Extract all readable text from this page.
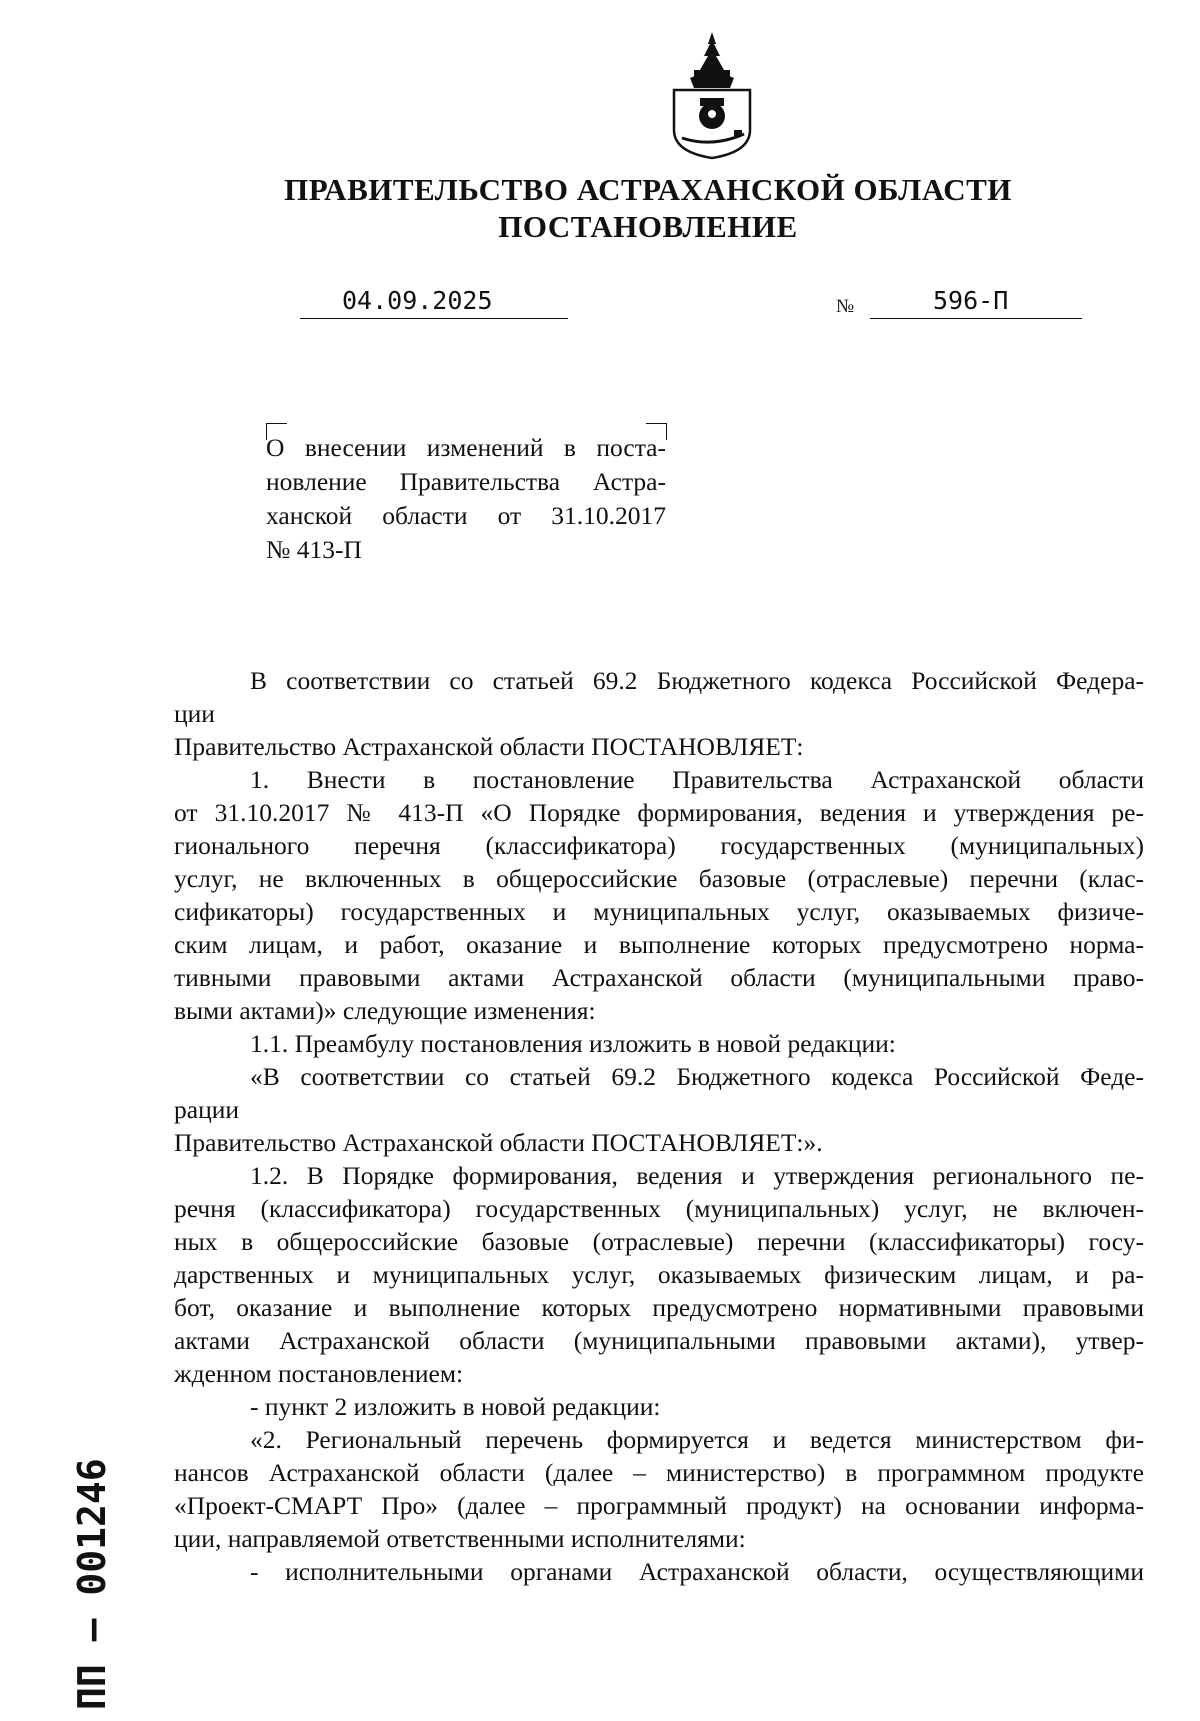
ПРАВИТЕЛЬСТВО АСТРАХАНСКОЙ ОБЛАСТИ
ПОСТАНОВЛЕНИЕ
04.09.2025	№	596-П
О внесении изменений в поста-
новление Правительства Астра-
ханской области от 31.10.2017
№ 413-П
В соответствии со статьей 69.2 Бюджетного кодекса Российской Федера-
ции
Правительство Астраханской области ПОСТАНОВЛЯЕТ:
1. Внести в постановление Правительства Астраханской области
от 31.10.2017 № 413-П «О Порядке формирования, ведения и утверждения ре-
гионального перечня (классификатора) государственных (муниципальных)
услуг, не включенных в общероссийские базовые (отраслевые) перечни (клас-
сификаторы) государственных и муниципальных услуг, оказываемых физиче-
ским лицам, и работ, оказание и выполнение которых предусмотрено норма-
тивными правовыми актами Астраханской области (муниципальными право-
выми актами)» следующие изменения:
1.1. Преамбулу постановления изложить в новой редакции:
«В соответствии со статьей 69.2 Бюджетного кодекса Российской Феде-
рации
Правительство Астраханской области ПОСТАНОВЛЯЕТ:».
1.2. В Порядке формирования, ведения и утверждения регионального пе-
речня (классификатора) государственных (муниципальных) услуг, не включен-
ных в общероссийские базовые (отраслевые) перечни (классификаторы) госу-
дарственных и муниципальных услуг, оказываемых физическим лицам, и ра-
бот, оказание и выполнение которых предусмотрено нормативными правовыми
актами Астраханской области (муниципальными правовыми актами), утвер-
жденном постановлением:
- пункт 2 изложить в новой редакции:
«2. Региональный перечень формируется и ведется министерством фи-
нансов Астраханской области (далее – министерство) в программном продукте
«Проект-СМАРТ Про» (далее – программный продукт) на основании информа-
ции, направляемой ответственными исполнителями:
- исполнительными органами Астраханской области, осуществляющими
ПП – 001246
